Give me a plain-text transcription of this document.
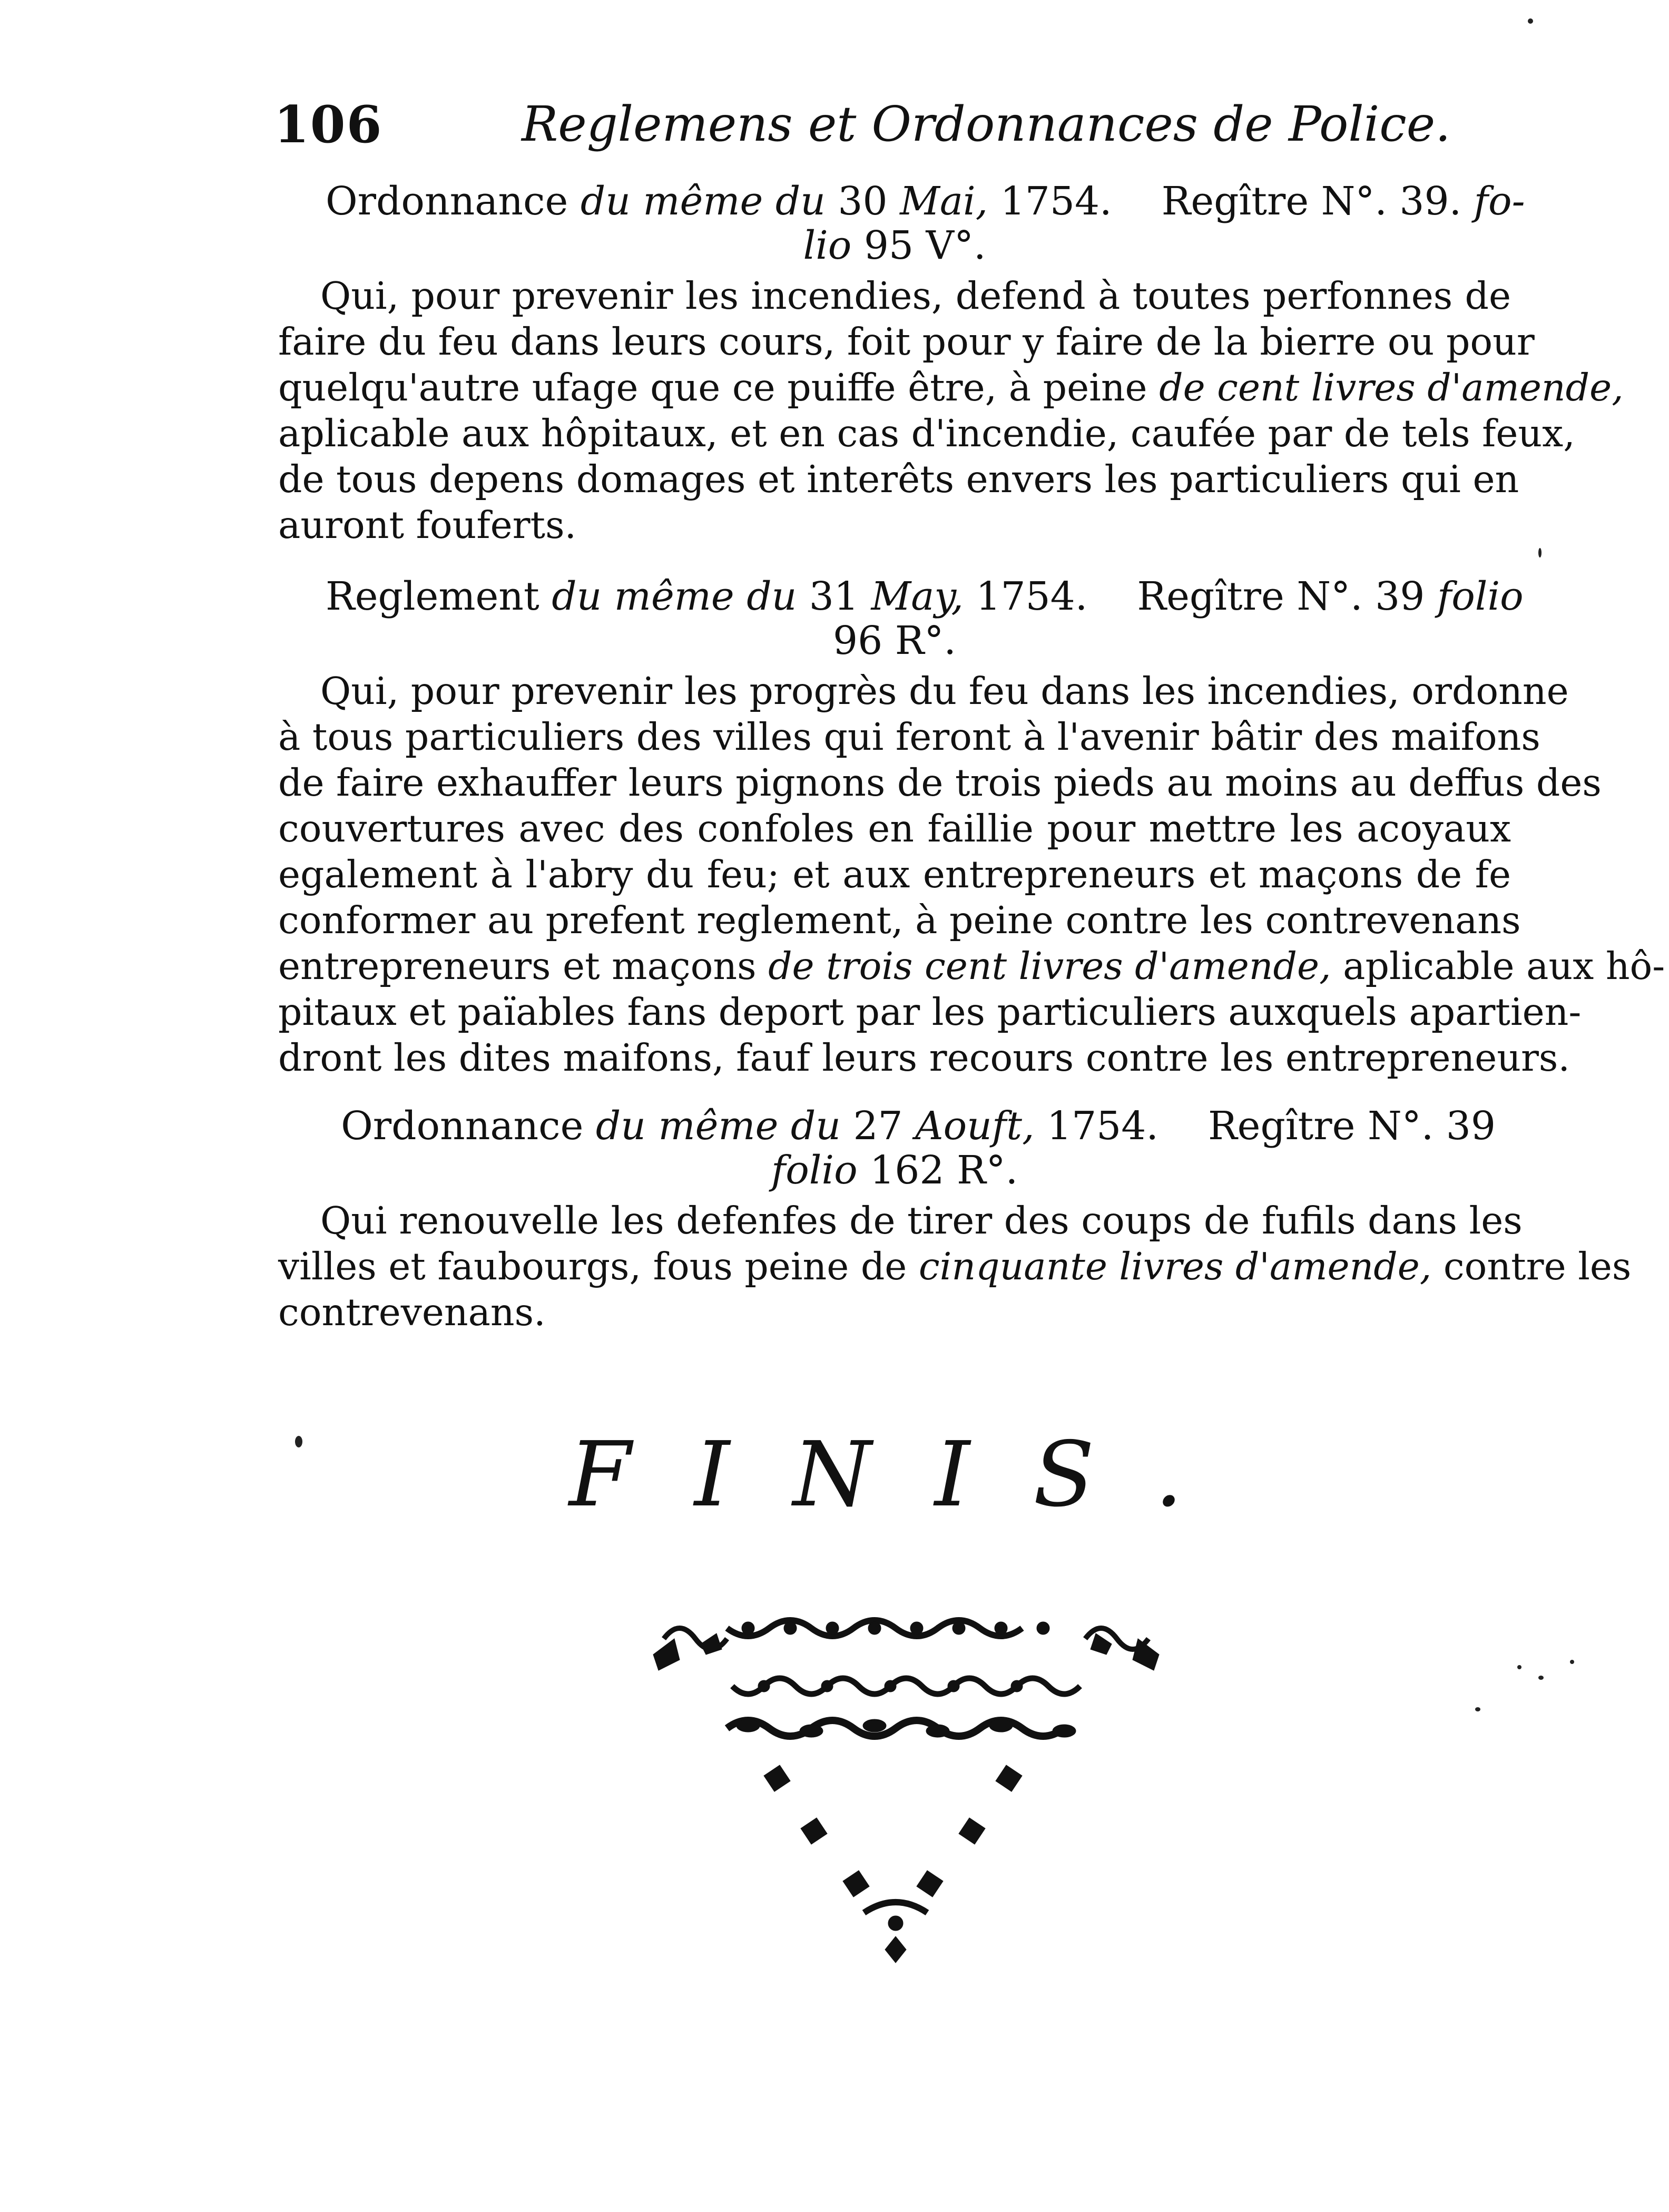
106	Reglemens et Ordonnances de Police.
Ordonnance du même du 30 Mai, 1754. Regître N°. 39. fo-
lio 95 V°.
Qui, pour prevenir les incendies, defend à toutes perfonnes de
faire du feu dans leurs cours, foit pour y faire de la bierre ou pour
quelqu'autre ufage que ce puiffe être, à peine de cent livres d'amende,
aplicable aux hôpitaux, et en cas d'incendie, caufée par de tels feux,
de tous depens domages et interêts envers les particuliers qui en
auront fouferts.
Reglement du même du 31 May, 1754. Regître N°. 39 folio
96 R°.
Qui, pour prevenir les progrès du feu dans les incendies, ordonne
à tous particuliers des villes qui feront à l'avenir bâtir des maifons
de faire exhauffer leurs pignons de trois pieds au moins au deffus des
couvertures avec des confoles en faillie pour mettre les acoyaux
egalement à l'abry du feu; et aux entrepreneurs et maçons de fe
conformer au prefent reglement, à peine contre les contrevenans
entrepreneurs et maçons de trois cent livres d'amende, aplicable aux hô-
pitaux et païables fans deport par les particuliers auxquels apartien-
dront les dites maifons, fauf leurs recours contre les entrepreneurs.
Ordonnance du même du 27 Aouft, 1754. Regître N°. 39
folio 162 R°.
Qui renouvelle les defenfes de tirer des coups de fufils dans les
villes et faubourgs, fous peine de cinquante livres d'amende, contre les
contrevenans.
FINIS.
